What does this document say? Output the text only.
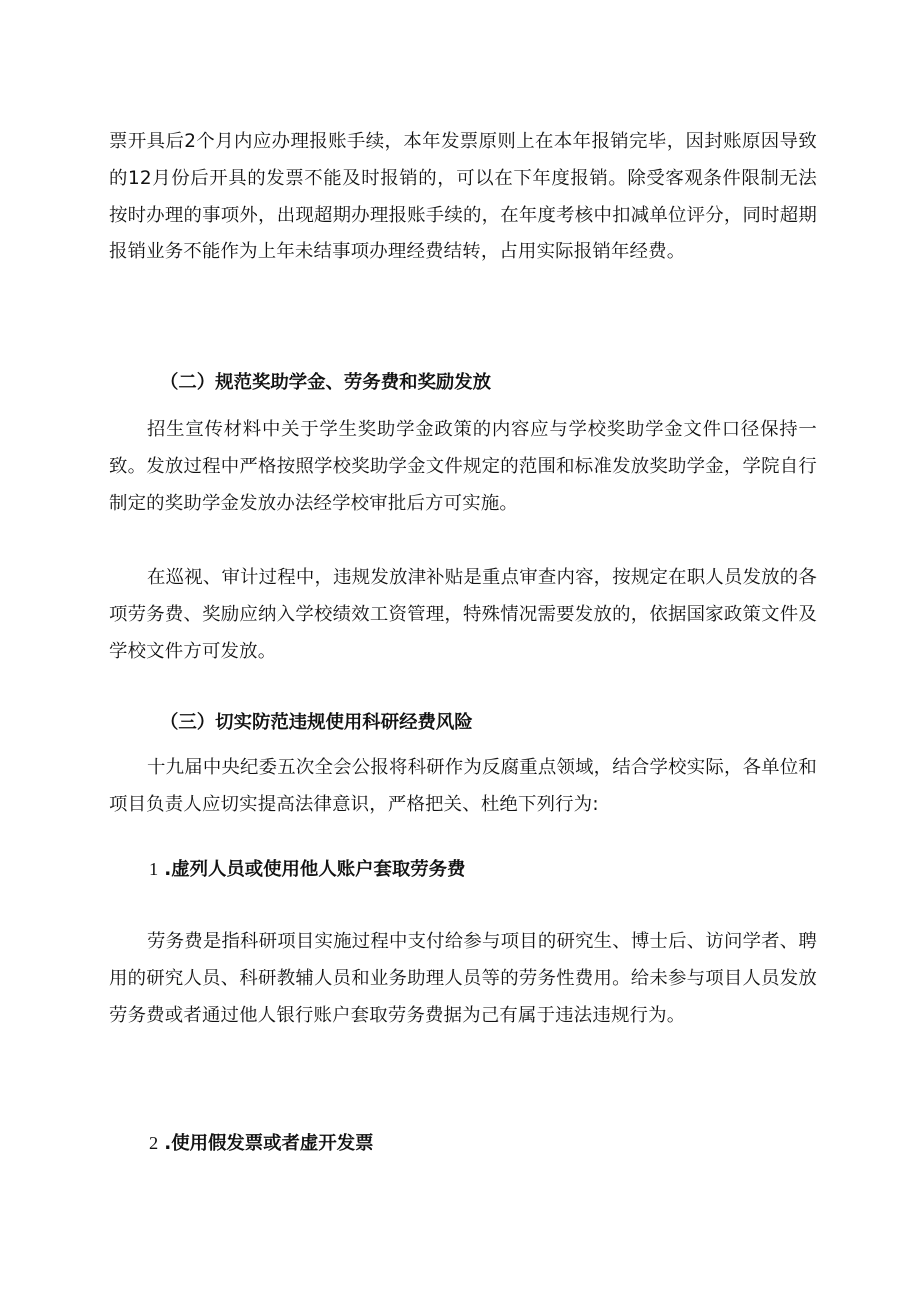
票开具后2个月内应办理报账手续，本年发票原则上在本年报销完毕，因封账原因导致的12月份后开具的发票不能及时报销的，可以在下年度报销。除受客观条件限制无法按时办理的事项外，出现超期办理报账手续的，在年度考核中扣减单位评分，同时超期报销业务不能作为上年未结事项办理经费结转，占用实际报销年经费。

（二）规范奖助学金、劳务费和奖励发放

招生宣传材料中关于学生奖助学金政策的内容应与学校奖助学金文件口径保持一致。发放过程中严格按照学校奖助学金文件规定的范围和标准发放奖助学金，学院自行制定的奖助学金发放办法经学校审批后方可实施。

在巡视、审计过程中，违规发放津补贴是重点审查内容，按规定在职人员发放的各项劳务费、奖励应纳入学校绩效工资管理，特殊情况需要发放的，依据国家政策文件及学校文件方可发放。

（三）切实防范违规使用科研经费风险

十九届中央纪委五次全会公报将科研作为反腐重点领域，结合学校实际，各单位和项目负责人应切实提高法律意识，严格把关、杜绝下列行为:

1 .虚列人员或使用他人账户套取劳务费

劳务费是指科研项目实施过程中支付给参与项目的研究生、博士后、访问学者、聘用的研究人员、科研教辅人员和业务助理人员等的劳务性费用。给未参与项目人员发放劳务费或者通过他人银行账户套取劳务费据为己有属于违法违规行为。

2 .使用假发票或者虚开发票
